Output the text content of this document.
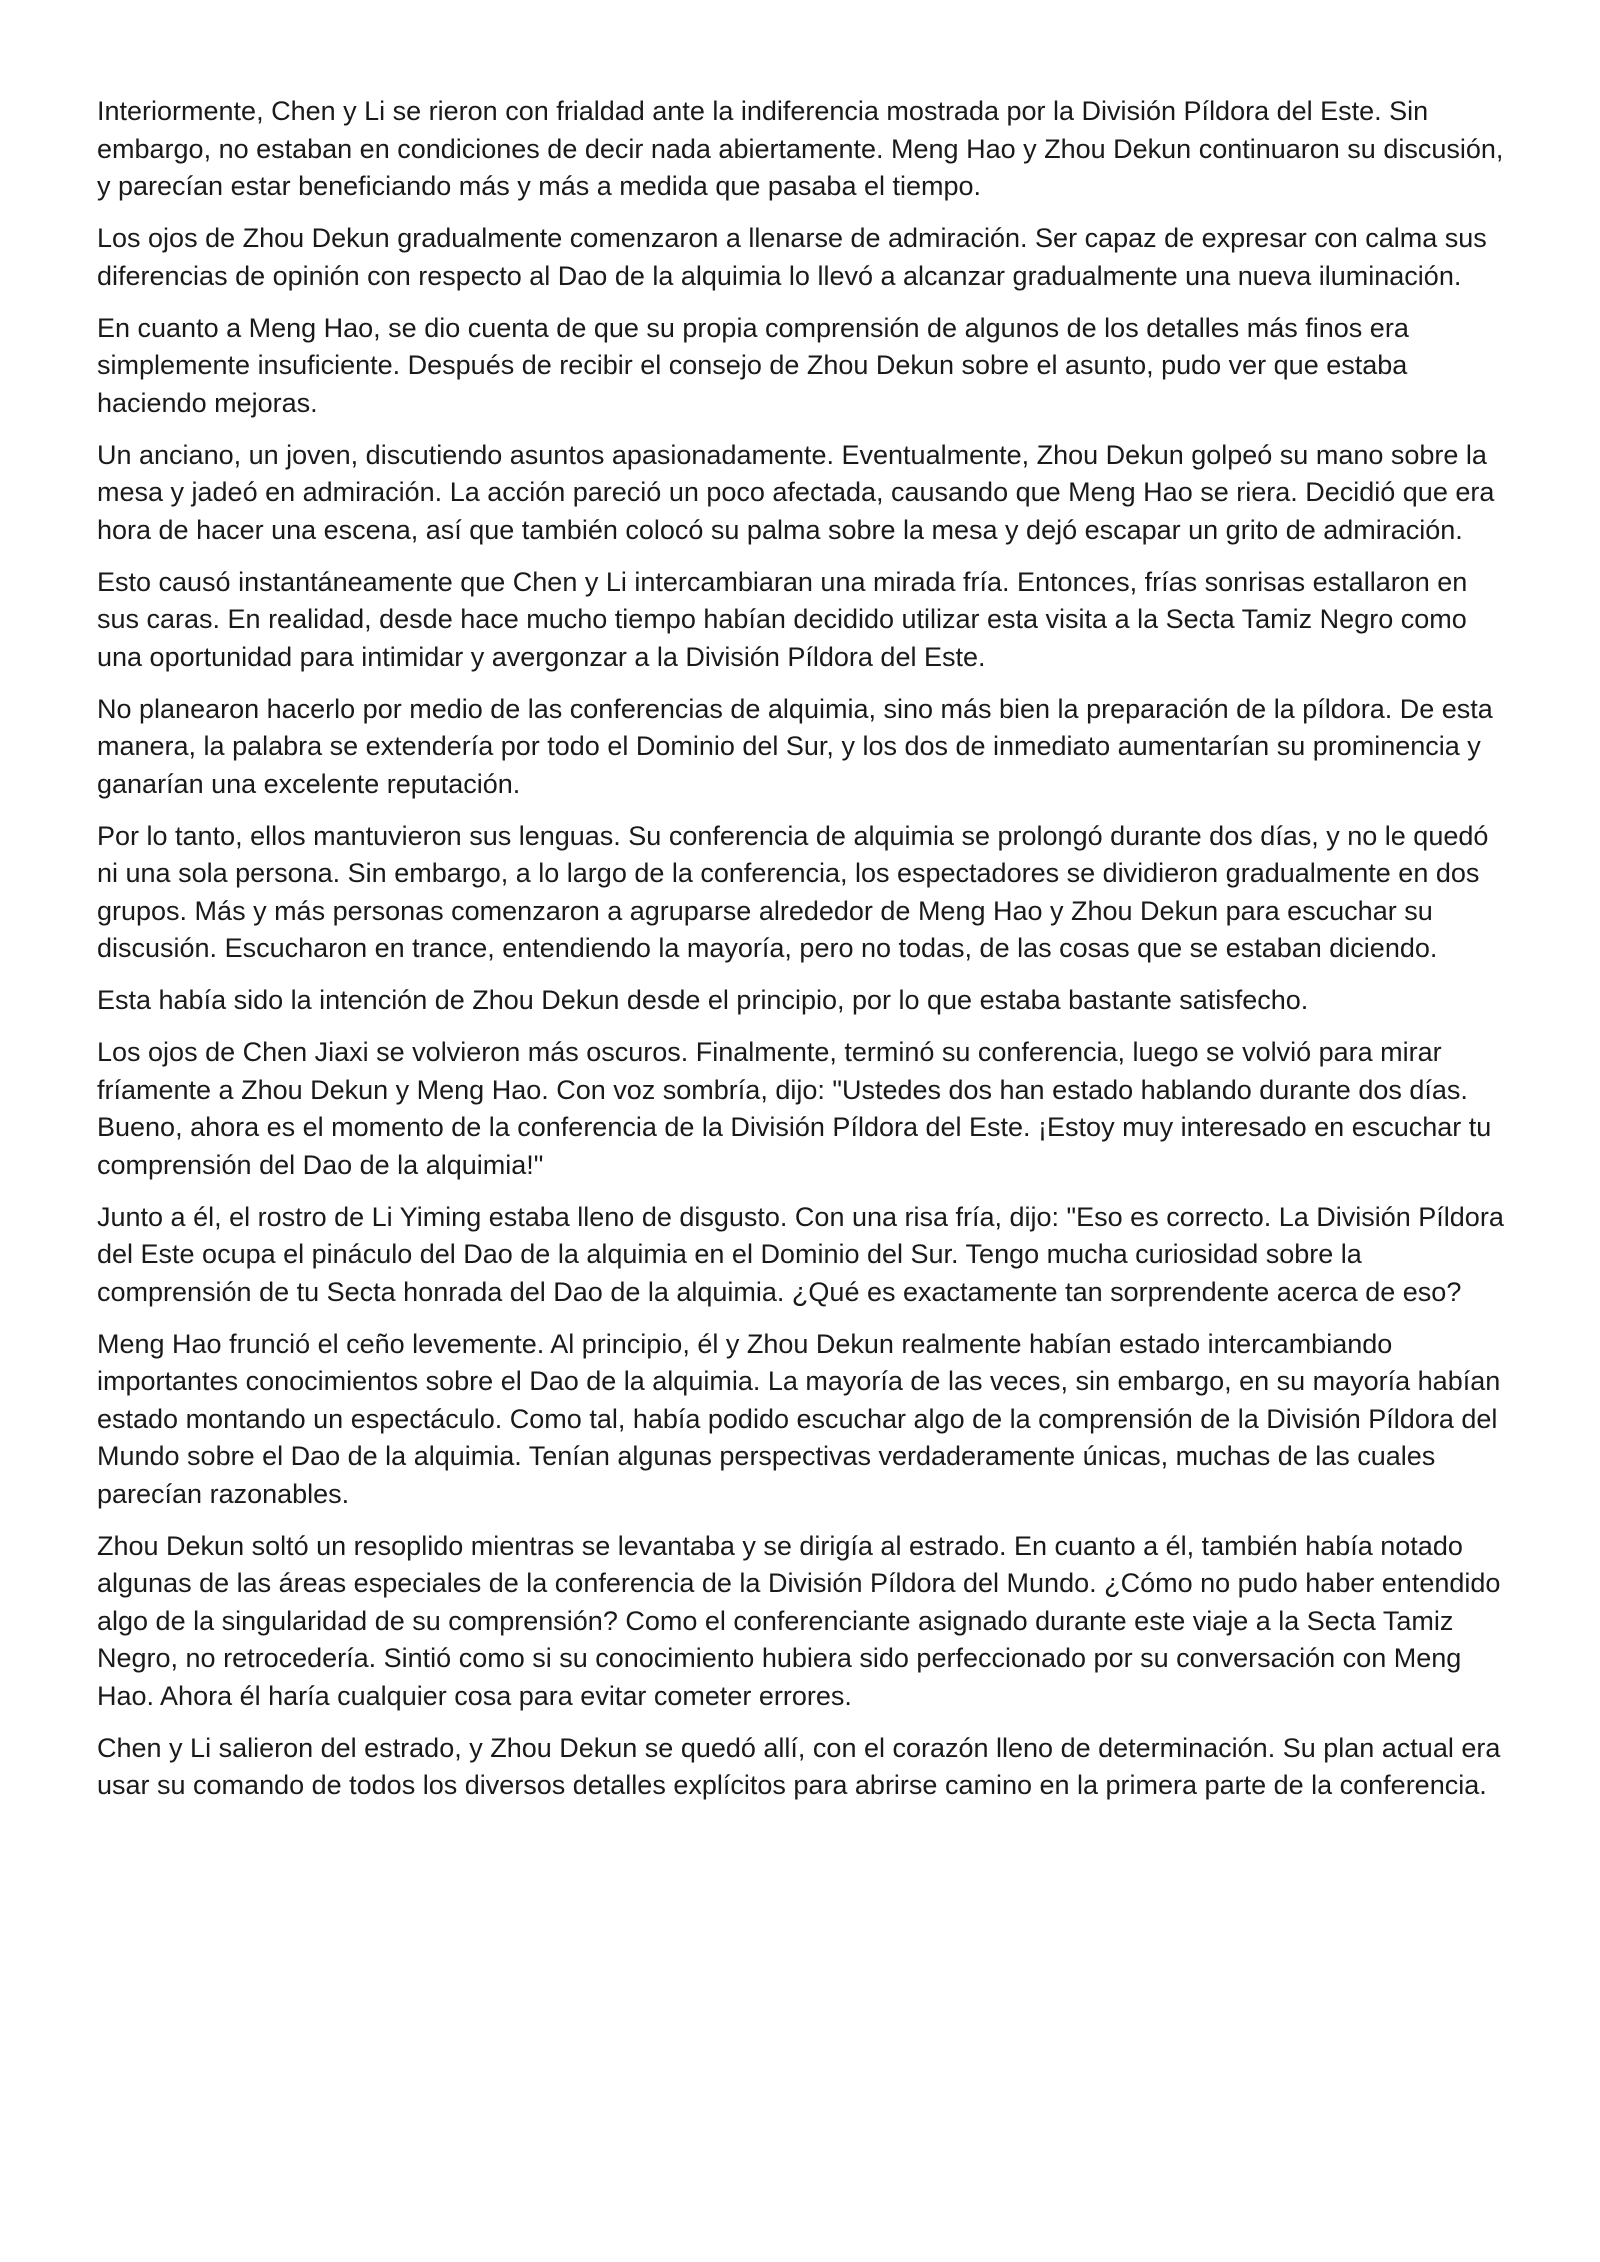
Interiormente, Chen y Li se rieron con frialdad ante la indiferencia mostrada por la División Píldora del Este. Sin embargo, no estaban en condiciones de decir nada abiertamente. Meng Hao y Zhou Dekun continuaron su discusión, y parecían estar beneficiando más y más a medida que pasaba el tiempo.

Los ojos de Zhou Dekun gradualmente comenzaron a llenarse de admiración. Ser capaz de expresar con calma sus diferencias de opinión con respecto al Dao de la alquimia lo llevó a alcanzar gradualmente una nueva iluminación.

En cuanto a Meng Hao, se dio cuenta de que su propia comprensión de algunos de los detalles más finos era simplemente insuficiente. Después de recibir el consejo de Zhou Dekun sobre el asunto, pudo ver que estaba haciendo mejoras.

Un anciano, un joven, discutiendo asuntos apasionadamente. Eventualmente, Zhou Dekun golpeó su mano sobre la mesa y jadeó en admiración. La acción pareció un poco afectada, causando que Meng Hao se riera. Decidió que era hora de hacer una escena, así que también colocó su palma sobre la mesa y dejó escapar un grito de admiración.

Esto causó instantáneamente que Chen y Li intercambiaran una mirada fría. Entonces, frías sonrisas estallaron en sus caras. En realidad, desde hace mucho tiempo habían decidido utilizar esta visita a la Secta Tamiz Negro como una oportunidad para intimidar y avergonzar a la División Píldora del Este.

No planearon hacerlo por medio de las conferencias de alquimia, sino más bien la preparación de la píldora. De esta manera, la palabra se extendería por todo el Dominio del Sur, y los dos de inmediato aumentarían su prominencia y ganarían una excelente reputación.

Por lo tanto, ellos mantuvieron sus lenguas. Su conferencia de alquimia se prolongó durante dos días, y no le quedó ni una sola persona. Sin embargo, a lo largo de la conferencia, los espectadores se dividieron gradualmente en dos grupos. Más y más personas comenzaron a agruparse alrededor de Meng Hao y Zhou Dekun para escuchar su discusión. Escucharon en trance, entendiendo la mayoría, pero no todas, de las cosas que se estaban diciendo.

Esta había sido la intención de Zhou Dekun desde el principio, por lo que estaba bastante satisfecho.

Los ojos de Chen Jiaxi se volvieron más oscuros. Finalmente, terminó su conferencia, luego se volvió para mirar fríamente a Zhou Dekun y Meng Hao. Con voz sombría, dijo: "Ustedes dos han estado hablando durante dos días. Bueno, ahora es el momento de la conferencia de la División Píldora del Este. ¡Estoy muy interesado en escuchar tu comprensión del Dao de la alquimia!"

Junto a él, el rostro de Li Yiming estaba lleno de disgusto. Con una risa fría, dijo: "Eso es correcto. La División Píldora del Este ocupa el pináculo del Dao de la alquimia en el Dominio del Sur. Tengo mucha curiosidad sobre la comprensión de tu Secta honrada del Dao de la alquimia. ¿Qué es exactamente tan sorprendente acerca de eso?

Meng Hao frunció el ceño levemente. Al principio, él y Zhou Dekun realmente habían estado intercambiando importantes conocimientos sobre el Dao de la alquimia. La mayoría de las veces, sin embargo, en su mayoría habían estado montando un espectáculo. Como tal, había podido escuchar algo de la comprensión de la División Píldora del Mundo sobre el Dao de la alquimia. Tenían algunas perspectivas verdaderamente únicas, muchas de las cuales parecían razonables.

Zhou Dekun soltó un resoplido mientras se levantaba y se dirigía al estrado. En cuanto a él, también había notado algunas de las áreas especiales de la conferencia de la División Píldora del Mundo. ¿Cómo no pudo haber entendido algo de la singularidad de su comprensión? Como el conferenciante asignado durante este viaje a la Secta Tamiz Negro, no retrocedería. Sintió como si su conocimiento hubiera sido perfeccionado por su conversación con Meng Hao. Ahora él haría cualquier cosa para evitar cometer errores.

Chen y Li salieron del estrado, y Zhou Dekun se quedó allí, con el corazón lleno de determinación. Su plan actual era usar su comando de todos los diversos detalles explícitos para abrirse camino en la primera parte de la conferencia.
